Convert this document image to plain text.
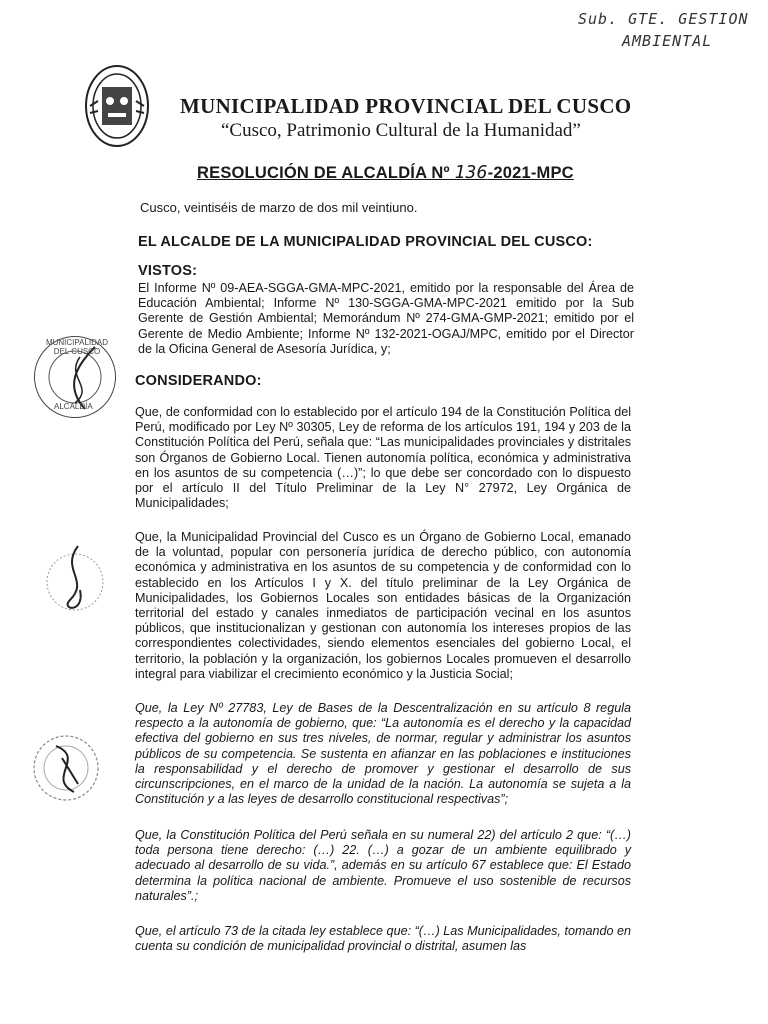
Sub. GTE. GESTION
AMBIENTAL
MUNICIPALIDAD PROVINCIAL DEL CUSCO
“Cusco, Patrimonio Cultural de la Humanidad”
RESOLUCIÓN DE ALCALDÍA Nº 136-2021-MPC
Cusco, veintiséis de marzo de dos mil veintiuno.
EL ALCALDE DE LA MUNICIPALIDAD PROVINCIAL DEL CUSCO:
VISTOS:
El Informe Nº 09-AEA-SGGA-GMA-MPC-2021, emitido por la responsable del Área de Educación Ambiental; Informe Nº 130-SGGA-GMA-MPC-2021 emitido por la Sub Gerente de Gestión Ambiental; Memorándum Nº 274-GMA-GMP-2021; emitido por el Gerente de Medio Ambiente; Informe Nº 132-2021-OGAJ/MPC, emitido por el Director de la Oficina General de Asesoría Jurídica, y;
MUNICIPALIDAD DEL CUSCO
ALCALDÍA
CONSIDERANDO:
Que, de conformidad con lo establecido por el artículo 194 de la Constitución Política del Perú, modificado por Ley Nº 30305, Ley de reforma de los artículos 191, 194 y 203 de la Constitución Política del Perú, señala que: “Las municipalidades provinciales y distritales son Órganos de Gobierno Local. Tienen autonomía política, económica y administrativa en los asuntos de su competencia (…)”; lo que debe ser concordado con lo dispuesto por el artículo II del Título Preliminar de la Ley N° 27972, Ley Orgánica de Municipalidades;
Que, la Municipalidad Provincial del Cusco es un Órgano de Gobierno Local, emanado de la voluntad, popular con personería jurídica de derecho público, con autonomía económica y administrativa en los asuntos de su competencia y de conformidad con lo establecido en los Artículos I y X. del título preliminar de la Ley Orgánica de Municipalidades, los Gobiernos Locales son entidades básicas de la Organización territorial del estado y canales inmediatos de participación vecinal en los asuntos públicos, que institucionalizan y gestionan con autonomía los intereses propios de las correspondientes colectividades, siendo elementos esenciales del gobierno Local, el territorio, la población y la organización, los gobiernos Locales promueven el desarrollo integral para viabilizar el crecimiento económico y la Justicia Social;
Que, la Ley Nº 27783, Ley de Bases de la Descentralización en su artículo 8 regula respecto a la autonomía de gobierno, que: “La autonomía es el derecho y la capacidad efectiva del gobierno en sus tres niveles, de normar, regular y administrar los asuntos públicos de su competencia. Se sustenta en afianzar en las poblaciones e instituciones la responsabilidad y el derecho de promover y gestionar el desarrollo de sus circunscripciones, en el marco de la unidad de la nación. La autonomía se sujeta a la Constitución y a las leyes de desarrollo constitucional respectivas”;
Que, la Constitución Política del Perú señala en su numeral 22) del artículo 2 que: “(…) toda persona tiene derecho: (…) 22. (…) a gozar de un ambiente equilibrado y adecuado al desarrollo de su vida.”, además en su artículo 67 establece que: El Estado determina la política nacional de ambiente. Promueve el uso sostenible de recursos naturales”.;
Que, el artículo 73 de la citada ley establece que: “(…) Las Municipalidades, tomando en cuenta su condición de municipalidad provincial o distrital, asumen las
